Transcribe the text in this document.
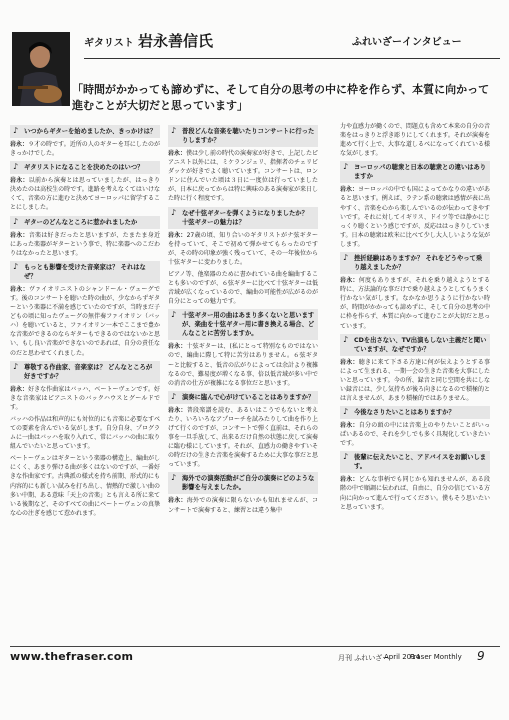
ギタリスト 岩永善信氏	ふれいざーインタビュー
「時間がかかっても諦めずに、そして自分の思考の中に枠を作らず、本質に向かって進むことが大切だと思っています」
♪ いつからギターを始めましたか、きっかけは？
岩永：９才の時です。近所の人のギターを耳にしたのがきっかけでした。
♪ ギタリストになることを決めたのはいつ？
岩永：以前から演奏とは思っていましたが、はっきり決めたのは高校生の時です。進路を考えなくてはいけなくて、音楽の方に進むと決めてヨーロッパに留学することにしました。
♪ ギターのどんなところに惹かれましたか
岩永：音楽は好きだったと思いますが、たまたま身近にあった楽器がギターという事で、特に楽器へのこだわりはなかったと思います。
♪ もっとも影響を受けた音楽家は？ それはなぜ？
岩永：ヴァイオリニストのシャンドール・ヴェーグです。後のコンサートを聴いた時の曲が、少なからずギターという楽器に不満を感じていたのですが、当時まだ子どもの頃に知ったヴェーグの無伴奏ファイオリン（バッハ）を聴いていると、ファイオリン一本でここまで豊かな音楽ができるのならギターもできるのではないかと思い、もし良い音楽ができないのであれば、自分の責任なのだと思わせてくれました。
♪ 尊敬する作曲家、音楽家は？ どんなところが好きですか？
岩永：好きな作曲家はバッハ、ベートーヴェンです。好きな音楽家はピアニストのバックハウスとグールドです。
バッハの作品は和声的にも対位的にも音楽に必要なすべての要素を含んでいる気がします。自分自身、プログラムに一曲はバッハを取り入れて、常にバッハの曲に取り組んでいたいと思っています。
ベートーヴェンはギターという楽器の構造上、編曲がしにくく、あまり弾ける曲が多くはないのですが、一番好きな作曲家です。古典派の様式を持ち前期、形式的にも内容的にも新しい試みを打ち出し、情熱的で激しい曲の多い中期、ある意味「天上の音楽」とも言える所に来ている後期など、そのすべての曲にベートーヴェンの真摯な心の注ぎを感じて惹かれます。
♪ 普段どんな音楽を聴いたりコンサートに行ったりしますか？
岩永：僕は少し前の時代の演奏家が好きで、上記したピアニスト以外には、ミケランジェリ、指揮者のチェリビダッケが好きでよく聴いています。コンサートは、ロンドンに住んでいた頃は３日に一度位は行っていましたが、日本に戻ってからは特に興味のある演奏家が来日した時に行く程度です。
♪ なぜ十弦ギターを弾くようになりましたか？ 十弦ギターの魅力は？
岩永：27歳の頃、知り合いのギタリストがナ弦ギターを持っていて、そこで初めて弾かせてもらったのですが、その時の印象が強く残っていて、その一年後位から十弦ギターに変わりました。
ピアノ等、他楽器のために書かれている曲を編曲することも多いのですが、６弦ギターに比べて十弦ギターは低音域が広くなっているので、編曲の可能性が広がるのが自分にとっての魅力です。
♪ 十弦ギター用の曲はあまり多くないと思いますが、楽曲を十弦ギター用に書き換える場合、どんなことに苦労しますか。
岩永：十弦ギターは、(私にとって特別なものではないので、編曲に際して特に苦労はありません。６弦ギターと比較すると、低音の広がりによっては余計より複雑なるので、難易度が増くなる事、倍以低音域が多い中での消音の仕方が複雑になる事位だと思います。
♪ 演奏に臨んで心がけていることはありますか？
岩永：普段楽譜を読む、あるいはこうでもないと考えたり、いろいろなアプローチを試みたりして曲を作り上げて行くのですが、コンサートで弾く直前は、それらの事を一旦手放して、出来るだけ自然の状態に戻して演奏に臨む様にしています。それが、直感力の働きやすいその時だけの生きた音楽を演奏するために大事な事だと思っています。
♪ 海外での演奏活動がご自分の演奏にどのような影響を与えましたか。
岩永：海外での演奏に限らないかも知れませんが、コンサートで演奏すると、練習とは違う集中
力や直感力が働くので、問題点も含めて本来の自分の音楽をはっきりと浮き彫りにしてくれます。それが演奏を進めて行く上で、大事な道しるべになってくれている様な気がします。
♪ ヨーロッパの聴衆と日本の聴衆との違いはありますか
岩永：ヨーロッパの中でも国によってかなりの違いがあると思います。例えば、ラテン系の聴衆は感情が表に出やすく、音楽を心から楽しんでいるのが伝わってきやすいです。それに対してイギリス、ドイツ等では静かにじっくり聴くという感じですが、反応ははっきりしています。日本の聴衆は欧米に比べて少し大人しいような気がします。
♪ 挫折経験はありますか？ それをどうやって乗り越えましたか？
岩永：何度もありますが、それを乗り越えようとする時に、方法論的な事だけで乗り越えようとしてもうまく行かない気がします。なかなか思うように行かない時が、時間がかかっても諦めずに、そして自分の思考の中に枠を作らず、本質に向かって進むことが大切だと思っています。
♪ CDを出さない、TV出演もしない主義だと聞いていますが、なぜですか？
岩永：聴きに来て下さる方達に何が伝えようとする事によって生まれる、一期一会の生きた音楽を大事にしたいと思っています。今の所、録音と同じ空間を共にしない録音には、少し気持ちが後ろ向きになるので積極的とは言えませんが、あまり積極的ではありません。
♪ 今後なさりたいことはありますか？
岩永：自分の頭の中には音楽上のやりたいことがいっぱいあるので、それを少しでも多く具現化していきたいです。
♪ 後輩に伝えたいこと、アドバイスをお願いします。
岩永：どんな事柄でも同じかも知れませんが、ある段階の中で順調に伝われば、自由に、自分の信じている方向に向かって進んで行ってください。僕もそう思いたいと思っています。
www.thefraser.com	月刊 ふれいざー
April 2014
Fraser Monthly 9
